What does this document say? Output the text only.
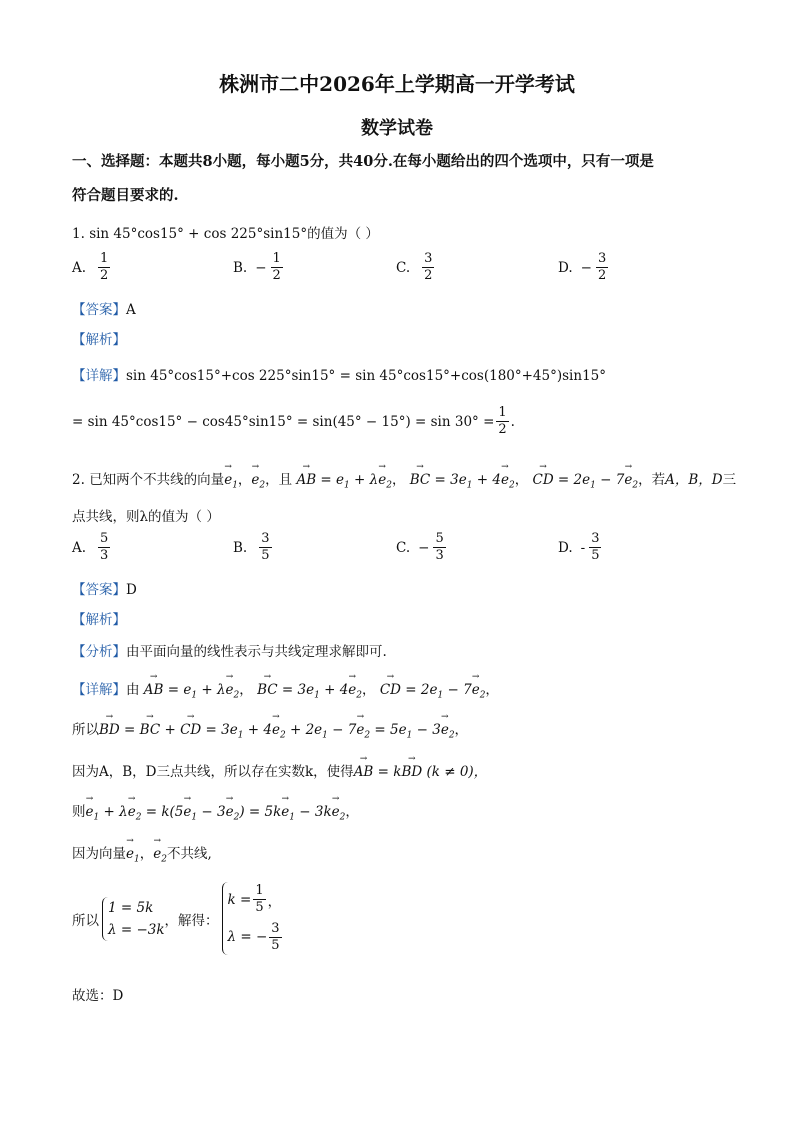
株洲市二中2026年上学期高一开学考试
数学试卷
一、选择题：本题共8小题，每小题5分，共40分.在每小题给出的四个选项中，只有一项是
符合题目要求的.
1. sin 45°cos15° + cos 225°sin15°的值为（ ）
A. $\frac{1}{2}$	B. − $\frac{1}{2}$	C. $\frac{3}{2}$	D. − $\frac{3}{2}$
【答案】A
【解析】
【详解】sin 45°cos15°+cos 225°sin15° = sin 45°cos15°+cos(180°+45°)sin15°
= $\sin 45^\circ\cos 15^\circ - \cos 45^\circ\sin 15^\circ = \sin(45^\circ - 15^\circ) = \sin 30^\circ = \frac{1}{2}$ .
2. 已知两个不共线的向量→ $e_1$，→ $e_2$，且 → AB = $e_1 + \lambda\to e_2$， → BC = $3e_1 + 4\to e_2$， → CD = $2e_1 - 7\to e_2$，若A，B，D三
点共线，则λ的值为（ ）
A. $\frac{5}{3}$	B. $\frac{3}{5}$	C. − $\frac{5}{3}$	D. - $\frac{3}{5}$
【答案】D
【解析】
【分析】由平面向量的线性表示与共线定理求解即可.
【详解】由 → AB = $e_1 + \lambda\to e_2$， → BC = $3e_1 + 4\to e_2$， → CD = $2e_1 - 7\to e_2$，
所以→ BD = → BC + → CD = $3e_1 + 4\to e_2 + 2e_1 - 7\to e_2 = 5e_1 - 3\to e_2$，
因为A，B，D三点共线，所以存在实数k，使得→ AB = k→ BD (k ≠ 0)，
则→ $e_1 + \lambda\to e_2 = k(5\to e_1 - 3\to e_2) = 5k\to e_1 - 3k\to e_2$，
因为向量→ $e_1$，→ $e_2$不共线,
所以
1 = 5k
λ = −3k
，解得：
$k = \frac{1}{5}$ ，
λ = − $\frac{3}{5}$
故选：D
